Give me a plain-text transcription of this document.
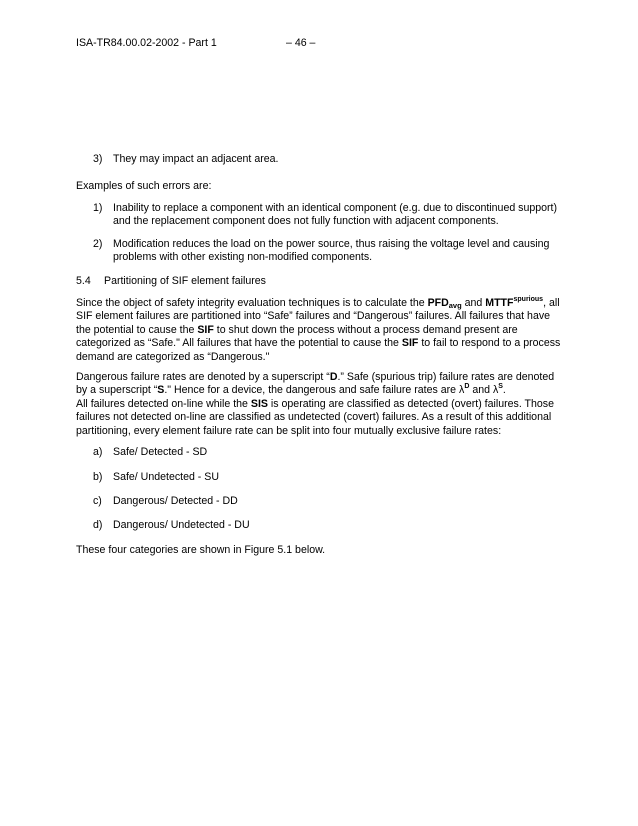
ISA-TR84.00.02-2002 - Part 1	– 46 –
3) They may impact an adjacent area.

Examples of such errors are:

1) Inability to replace a component with an identical component (e.g. due to discontinued support) and the replacement component does not fully function with adjacent components.
2) Modification reduces the load on the power source, thus raising the voltage level and causing problems with other existing non-modified components.
5.4 Partitioning of SIF element failures

Since the object of safety integrity evaluation techniques is to calculate the $PFD_{avg}$ and $MTTF^{spurious}$, all SIF element failures are partitioned into “Safe” failures and “Dangerous” failures. All failures that have the potential to cause the SIF to shut down the process without a process demand present are categorized as “Safe." All failures that have the potential to cause the SIF to fail to respond to a process demand are categorized as “Dangerous."

Dangerous failure rates are denoted by a superscript “D.” Safe (spurious trip) failure rates are denoted by a superscript “S." Hence for a device, the dangerous and safe failure rates are $\lambda^D$ and $\lambda^S$.
All failures detected on-line while the SIS is operating are classified as detected (overt) failures. Those failures not detected on-line are classified as undetected (covert) failures. As a result of this additional partitioning, every element failure rate can be split into four mutually exclusive failure rates:

a) Safe/ Detected - SD
b) Safe/ Undetected - SU
c) Dangerous/ Detected - DD
d) Dangerous/ Undetected - DU

These four categories are shown in Figure 5.1 below.
